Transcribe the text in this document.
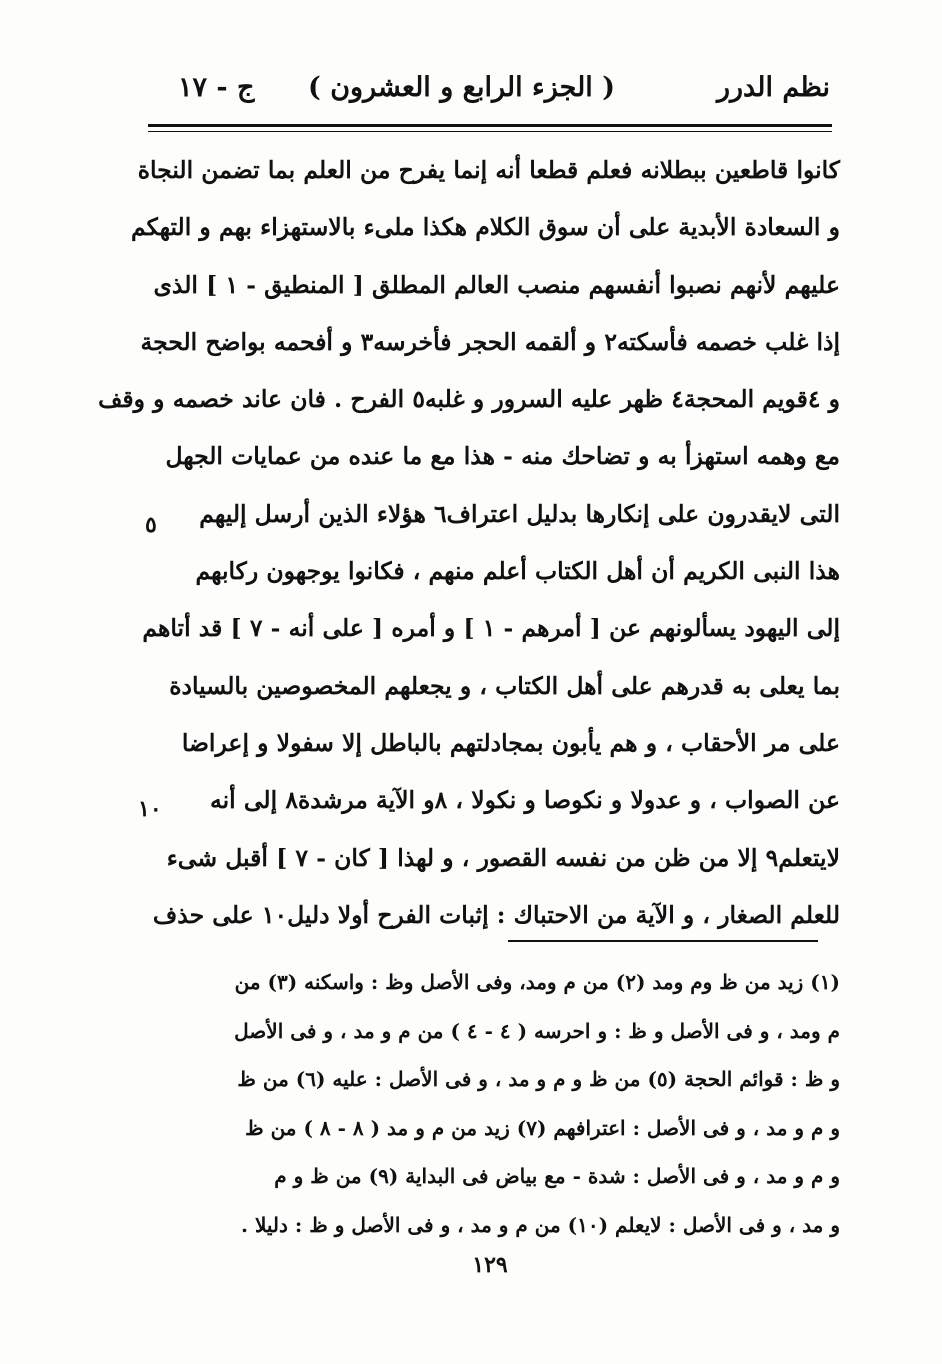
نظم الدرر
( الجزء الرابع و العشرون )
ج - ١٧
كانوا قاطعين ببطلانه فعلم قطعا أنه إنما يفرح من العلم بما تضمن النجاة
و السعادة الأبدية على أن سوق الكلام هكذا ملىء بالاستهزاء بهم و التهكم
عليهم لأنهم نصبوا أنفسهم منصب العالم المطلق [ المنطيق - ١ ] الذى
إذا غلب خصمه فأسكته٢ و ألقمه الحجر فأخرسه٣ و أفحمه بواضح الحجة
و ٤قويم المحجة٤ ظهر عليه السرور و غلبه٥ الفرح . فان عاند خصمه و وقف
مع وهمه استهزأ به و تضاحك منه - هذا مع ما عنده من عمايات الجهل
التى لايقدرون على إنكارها بدليل اعتراف٦ هؤلاء الذين أرسل إليهم
هذا النبى الكريم أن أهل الكتاب أعلم منهم ، فكانوا يوجهون ركابهم
إلى اليهود يسألونهم عن [ أمرهم - ١ ] و أمره [ على أنه - ٧ ] قد أتاهم
بما يعلى به قدرهم على أهل الكتاب ، و يجعلهم المخصوصين بالسيادة
على مر الأحقاب ، و هم يأبون بمجادلتهم بالباطل إلا سفولا و إعراضا
عن الصواب ، و عدولا و نكوصا و نكولا ، ٨و الآية مرشدة٨ إلى أنه
لايتعلم٩ إلا من ظن من نفسه القصور ، و لهذا [ كان - ٧ ] أقبل شىء
للعلم الصغار ، و الآية من الاحتباك : إثبات الفرح أولا دليل١٠ على حذف
٥
١٠
(١) زيد من ظ وم ومد (٢) من م ومد، وفى الأصل وظ : واسكنه (٣) من
م ومد ، و فى الأصل و ظ : و احرسه ( ٤ - ٤ ) من م و مد ، و فى الأصل
و ظ : قوائم الحجة (٥) من ظ و م و مد ، و فى الأصل : عليه (٦) من ظ
و م و مد ، و فى الأصل : اعترافهم (٧) زيد من م و مد ( ٨ - ٨ ) من ظ
و م و مد ، و فى الأصل : شدة - مع بياض فى البداية (٩) من ظ و م
و مد ، و فى الأصل : لايعلم (١٠) من م و مد ، و فى الأصل و ظ : دليلا .
١٢٩
